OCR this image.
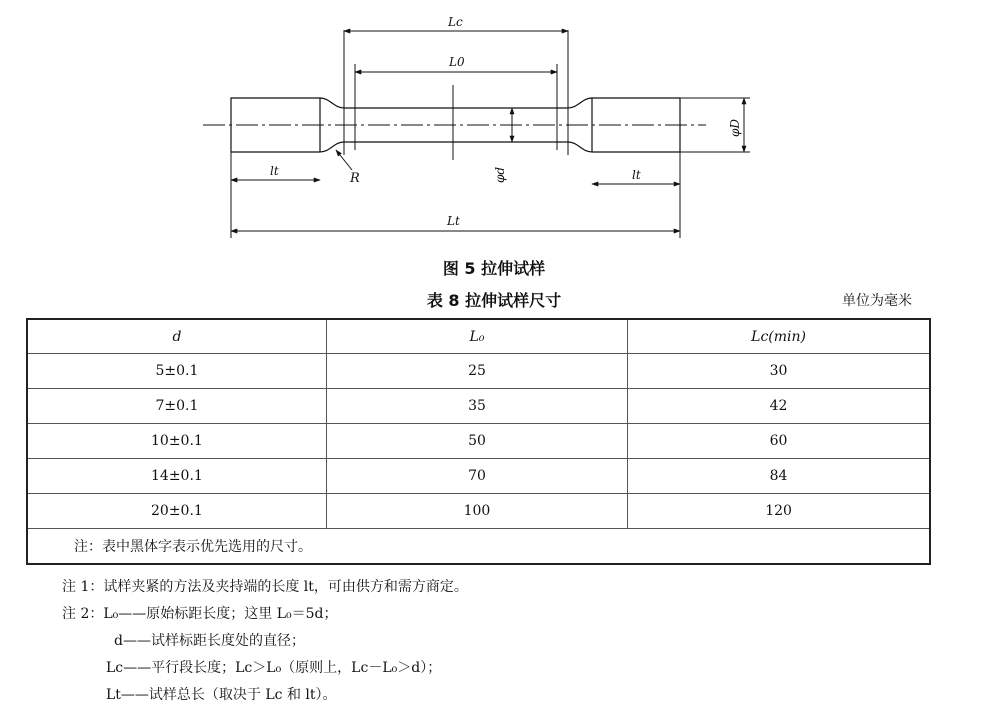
Lc
L0
lt	lt
Lt
R	φd
φD
图 5 拉伸试样
表 8 拉伸试样尺寸	单位为毫米
d	L₀	Lc(min)
5±0.1	25	30
7±0.1	35	42
10±0.1	50	60
14±0.1	70	84
20±0.1	100	120
注：表中黑体字表示优先选用的尺寸。		
注 1：试样夹紧的方法及夹持端的长度 lt，可由供方和需方商定。
注 2：L₀——原始标距长度；这里 L₀＝5d；
d——试样标距长度处的直径；
Lc——平行段长度；Lc＞L₀（原则上，Lc－L₀＞d）；
Lt——试样总长（取决于 Lc 和 lt）。
